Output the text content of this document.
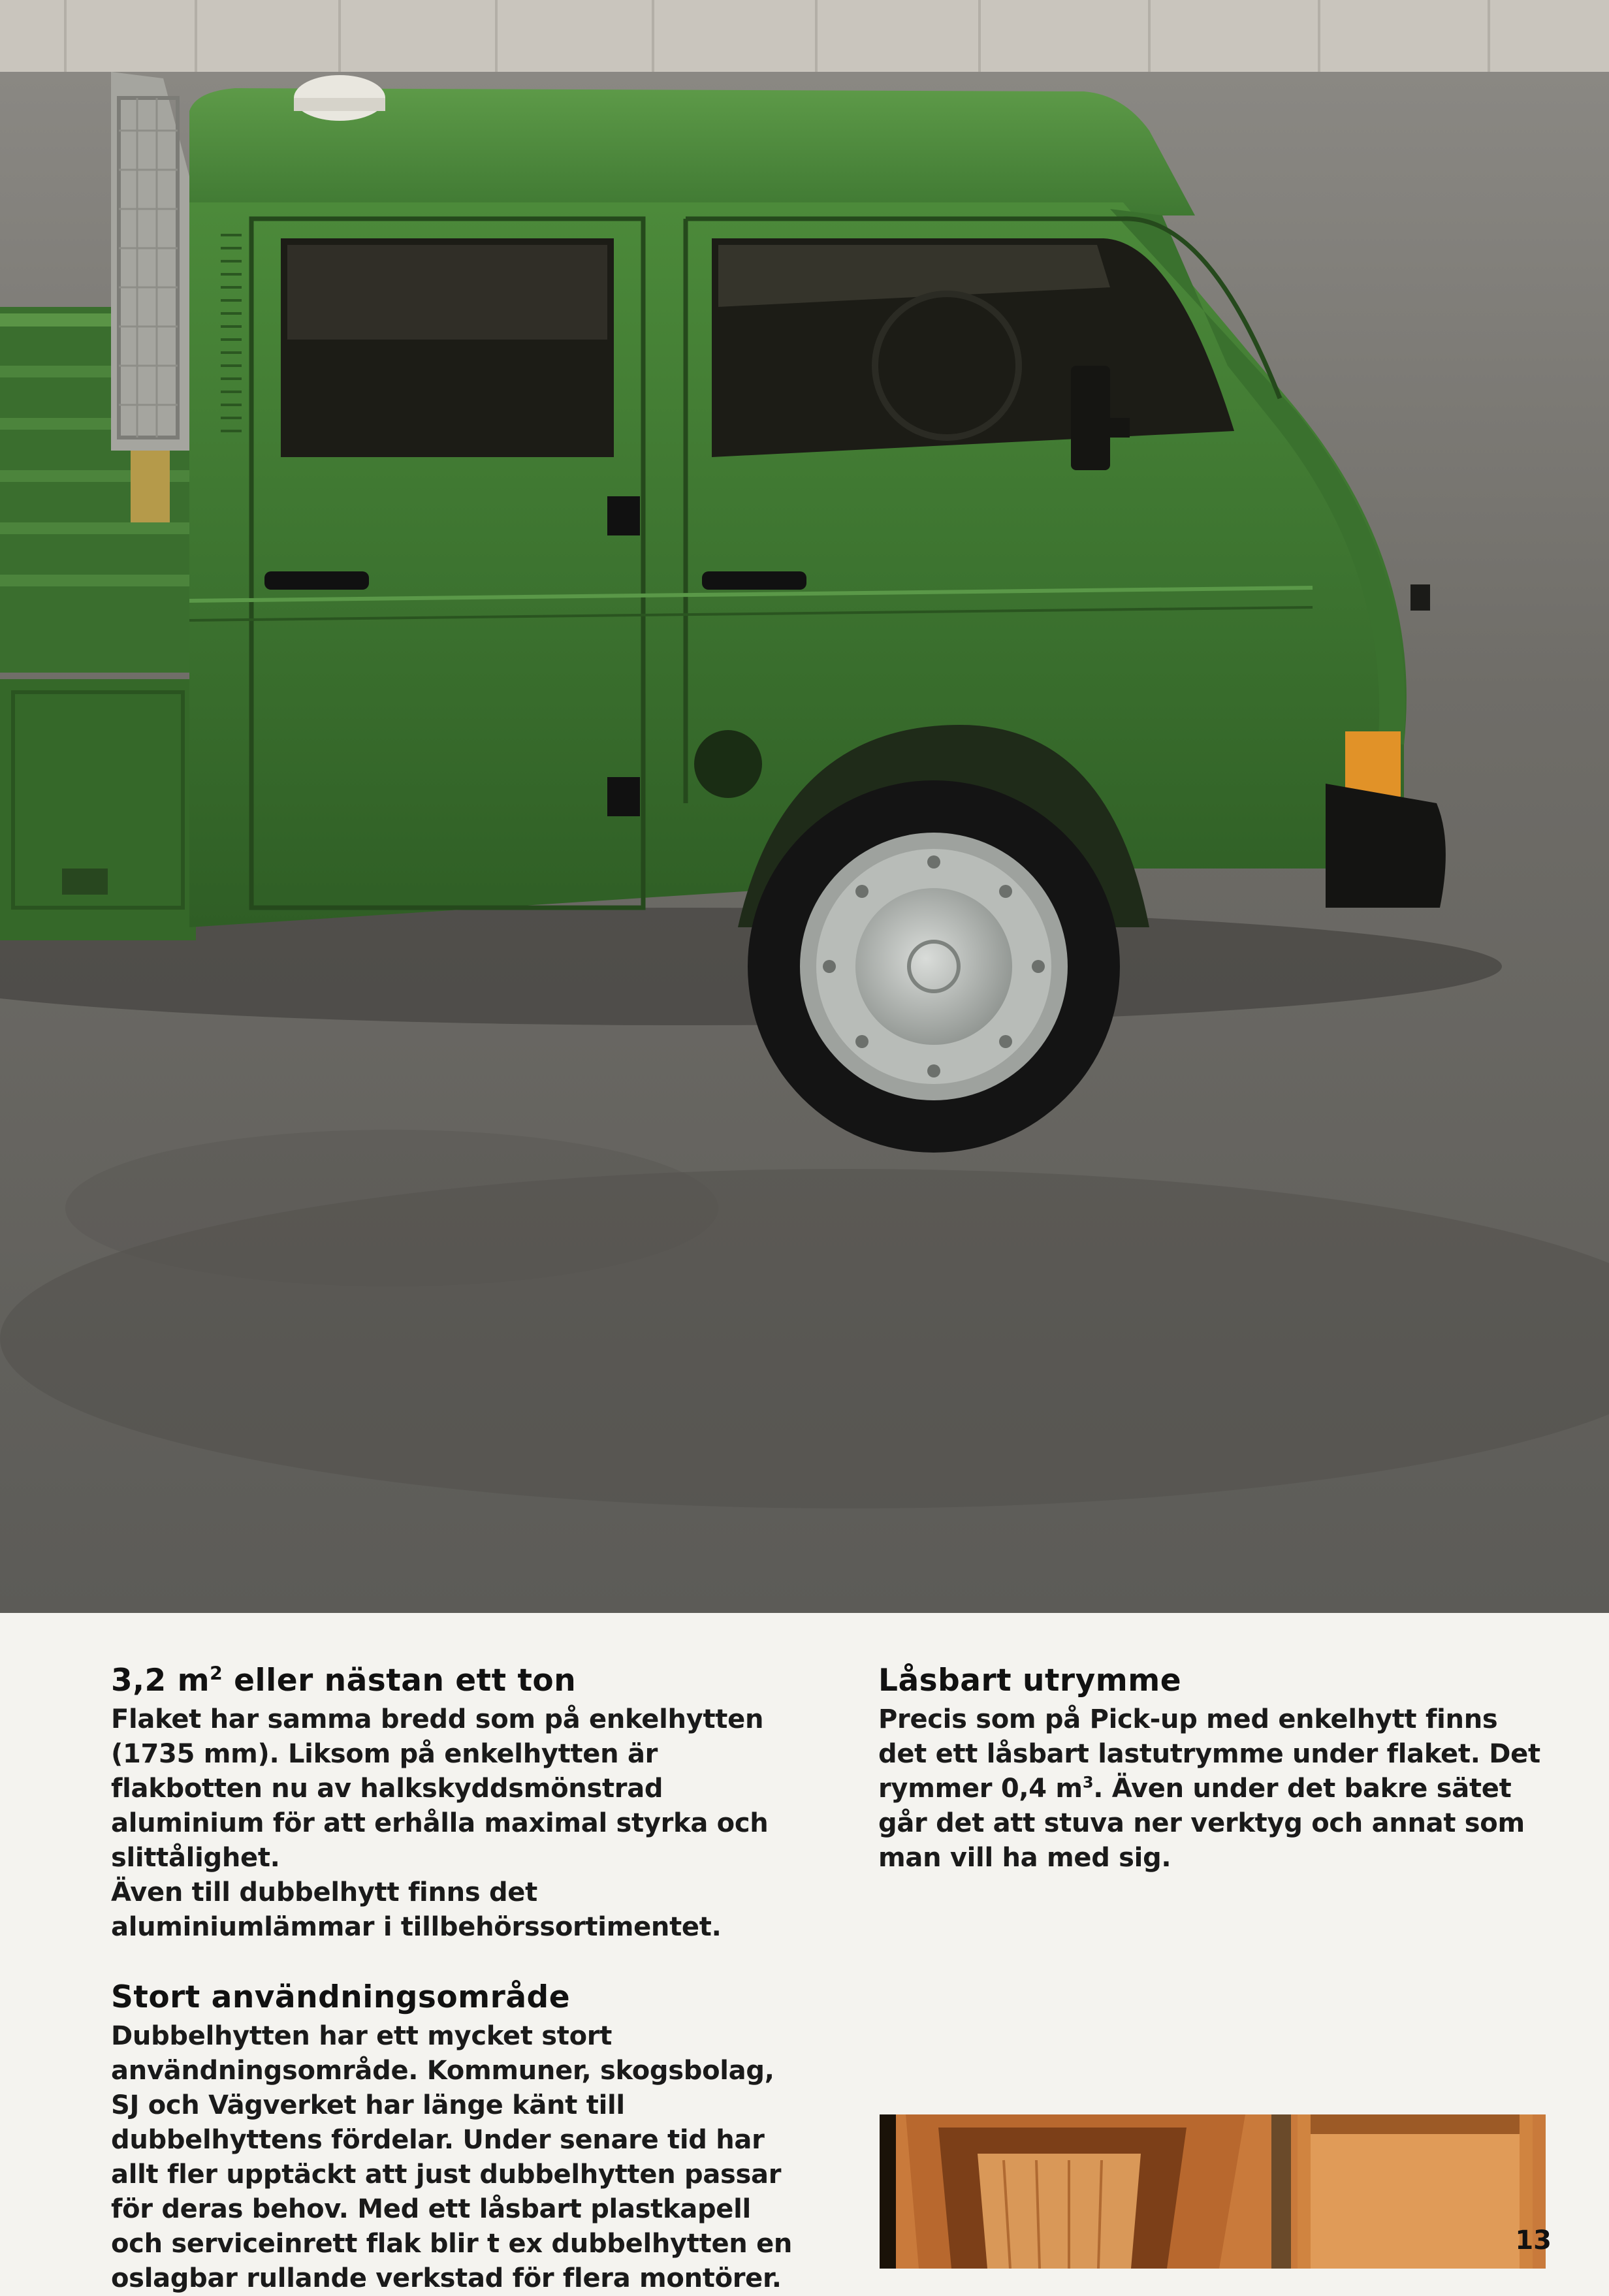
3,2 $m^2$ eller nästan ett ton

Flaket har samma bredd som på enkelhytten (1735 mm). Liksom på enkelhytten är flakbotten nu av halkskyddsmönstrad aluminium för att erhålla maximal styrka och slittålighet.

Även till dubbelhytt finns det aluminiumlämmar i tillbehörssortimentet.

Stort användningsområde

Dubbelhytten har ett mycket stort användningsområde. Kommuner, skogsbolag, SJ och Vägverket har länge känt till dubbelhyttens fördelar. Under senare tid har allt fler upptäckt att just dubbelhytten passar för deras behov. Med ett låsbart plastkapell och serviceinrett flak blir t ex dubbelhytten en oslagbar rullande verkstad för flera montörer.

Låsbart utrymme

Precis som på Pick-up med enkelhytt finns det ett låsbart lastutrymme under flaket. Det rymmer 0,4 $m^3$. Även under det bakre sätet går det att stuva ner verktyg och annat som man vill ha med sig.

13
